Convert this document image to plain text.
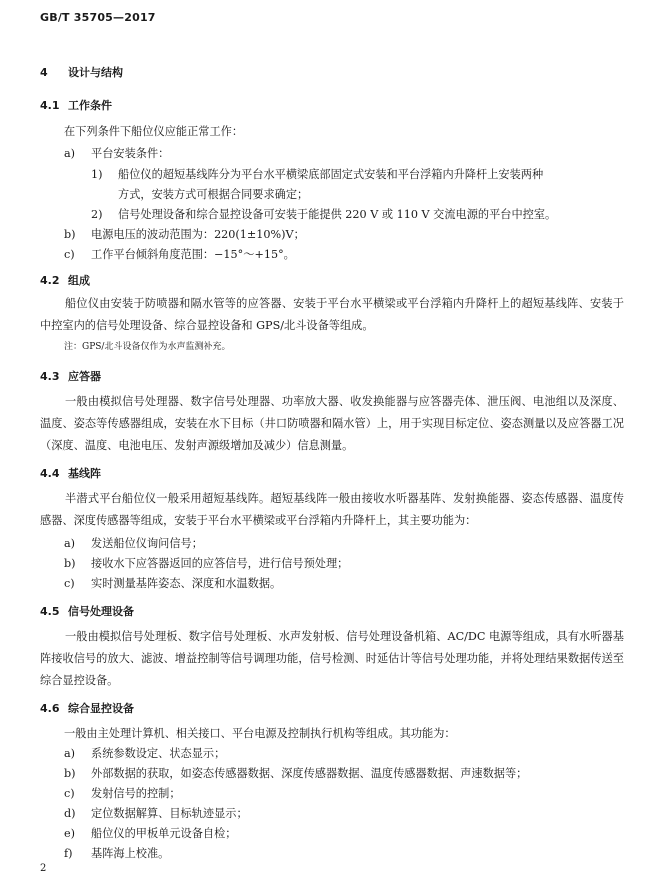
GB/T 35705—2017
4 设计与结构
4.1 工作条件
在下列条件下船位仪应能正常工作：
a) 平台安装条件：
1) 船位仪的超短基线阵分为平台水平横梁底部固定式安装和平台浮箱内升降杆上安装两种
方式，安装方式可根据合同要求确定；
2) 信号处理设备和综合显控设备可安装于能提供 220 V 或 110 V 交流电源的平台中控室。
b) 电源电压的波动范围为：220(1±10%)V；
c) 工作平台倾斜角度范围：−15°～+15°。
4.2 组成
船位仪由安装于防喷器和隔水管等的应答器、安装于平台水平横梁或平台浮箱内升降杆上的超短基线阵、安装于中控室内的信号处理设备、综合显控设备和 GPS/北斗设备等组成。
注：GPS/北斗设备仅作为水声监测补充。
4.3 应答器
一般由模拟信号处理器、数字信号处理器、功率放大器、收发换能器与应答器壳体、泄压阀、电池组以及深度、温度、姿态等传感器组成，安装在水下目标（井口防喷器和隔水管）上，用于实现目标定位、姿态测量以及应答器工况（深度、温度、电池电压、发射声源级增加及减少）信息测量。
4.4 基线阵
半潜式平台船位仪一般采用超短基线阵。超短基线阵一般由接收水听器基阵、发射换能器、姿态传感器、温度传感器、深度传感器等组成，安装于平台水平横梁或平台浮箱内升降杆上，其主要功能为：
a) 发送船位仪询问信号；
b) 接收水下应答器返回的应答信号，进行信号预处理；
c) 实时测量基阵姿态、深度和水温数据。
4.5 信号处理设备
一般由模拟信号处理板、数字信号处理板、水声发射板、信号处理设备机箱、AC/DC 电源等组成，具有水听器基阵接收信号的放大、滤波、增益控制等信号调理功能，信号检测、时延估计等信号处理功能，并将处理结果数据传送至综合显控设备。
4.6 综合显控设备
一般由主处理计算机、相关接口、平台电源及控制执行机构等组成。其功能为：
a) 系统参数设定、状态显示；
b) 外部数据的获取，如姿态传感器数据、深度传感器数据、温度传感器数据、声速数据等；
c) 发射信号的控制；
d) 定位数据解算、目标轨迹显示；
e) 船位仪的甲板单元设备自检；
f) 基阵海上校准。
2
